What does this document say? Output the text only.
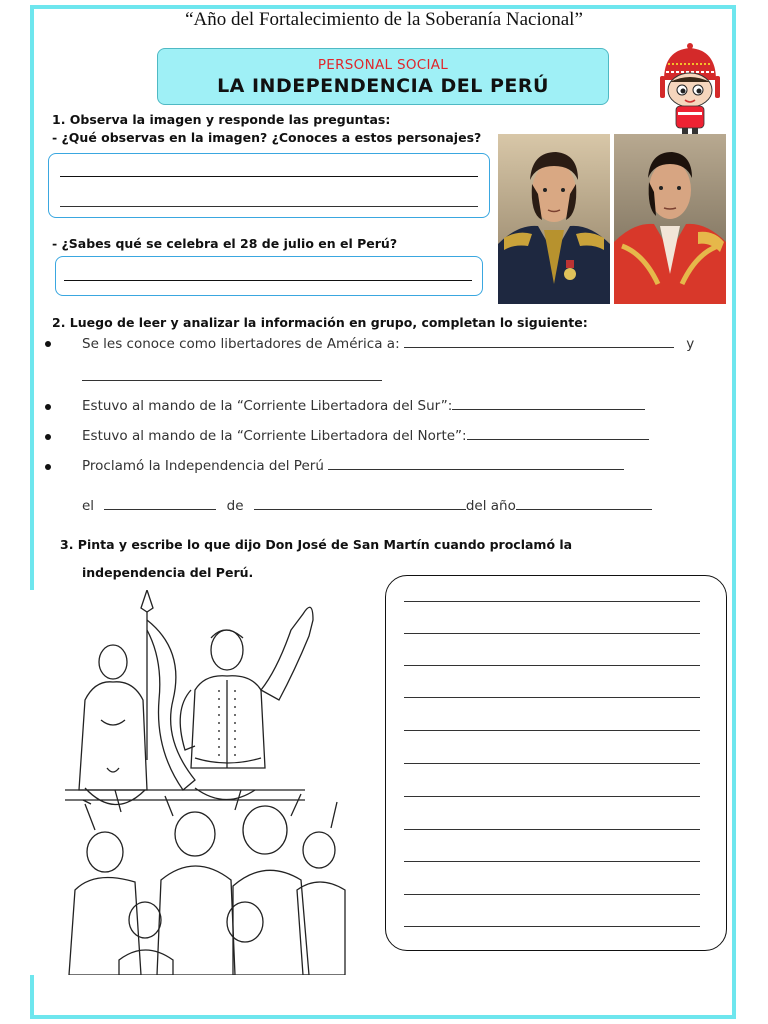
“Año del Fortalecimiento de la Soberanía Nacional”
PERSONAL SOCIAL
LA INDEPENDENCIA DEL PERÚ
1. Observa la imagen y responde las preguntas:
- ¿Qué observas en la imagen? ¿Conoces a estos personajes?
- ¿Sabes qué se celebra el 28 de julio en el Perú?
2. Luego de leer y analizar la información en grupo, completan lo siguiente:
Se les conoce como libertadores de América a:	y
Estuvo al mando de la “Corriente Libertadora del Sur”:
Estuvo al mando de la “Corriente Libertadora del Norte”:
Proclamó la Independencia del Perú
el	de	del año
3. Pinta y escribe lo que dijo Don José de San Martín cuando proclamó la
independencia del Perú.
